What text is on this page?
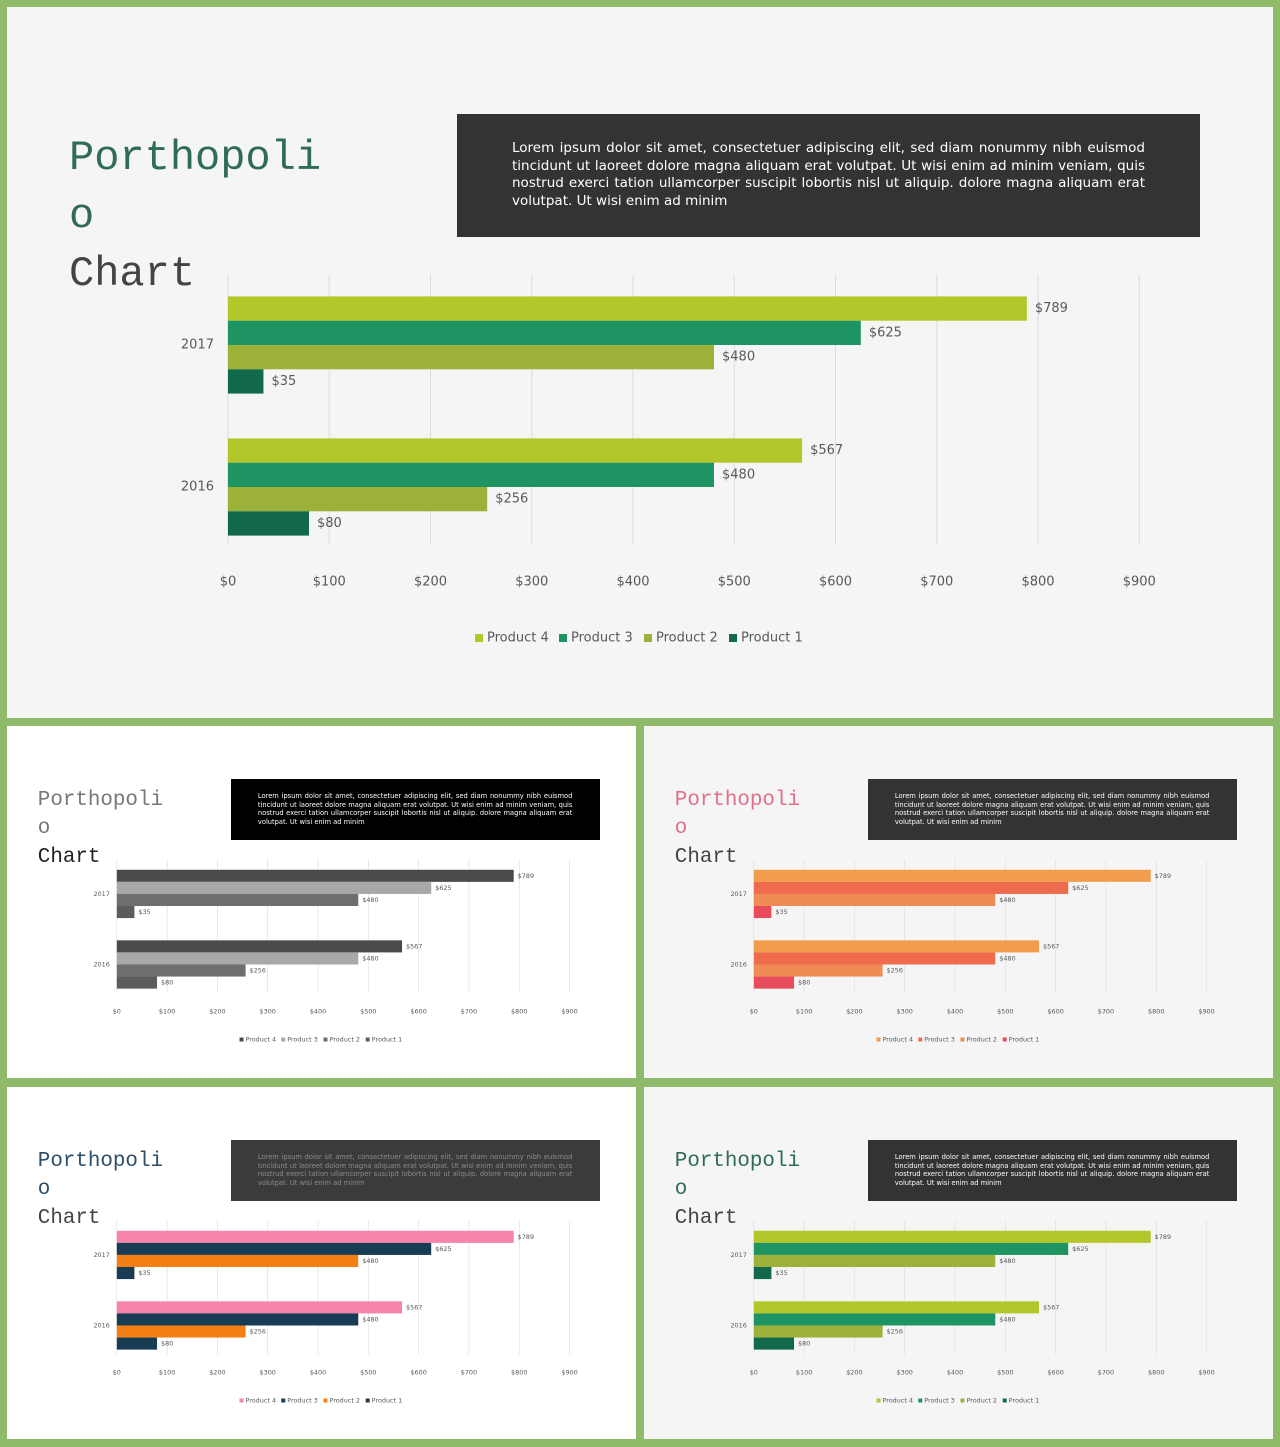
Porthopoli
o
Chart

Lorem ipsum dolor sit amet, consectetuer adipiscing elit, sed diam nonummy nibh euismod tincidunt ut laoreet dolore magna aliquam erat volutpat. Ut wisi enim ad minim veniam, quis nostrud exerci tation ullamcorper suscipit lobortis nisl ut aliquip. dolore magna aliquam erat volutpat. Ut wisi enim ad minim

$789
$625
$480
$35
2017
$567
$480
$256
$80
2016
$0	$100	$200	$300	$400	$500	$600	$700	$800	$900
Product 4 Product 3 Product 2 Product 1
Porthopoli
o
Chart

Lorem ipsum dolor sit amet, consectetuer adipiscing elit, sed diam nonummy nibh euismod tincidunt ut laoreet dolore magna aliquam erat volutpat. Ut wisi enim ad minim veniam, quis nostrud exerci tation ullamcorper suscipit lobortis nisl ut aliquip. dolore magna aliquam erat volutpat. Ut wisi enim ad minim

$789
$625
$480
$35
2017
$567
$480
$256
$80
2016
$0	$100	$200	$300	$400	$500	$600	$700	$800	$900
Product 4 Product 3 Product 2 Product 1
Porthopoli
o
Chart

Lorem ipsum dolor sit amet, consectetuer adipiscing elit, sed diam nonummy nibh euismod tincidunt ut laoreet dolore magna aliquam erat volutpat. Ut wisi enim ad minim veniam, quis nostrud exerci tation ullamcorper suscipit lobortis nisl ut aliquip. dolore magna aliquam erat volutpat. Ut wisi enim ad minim

$789
$625
$480
$35
2017
$567
$480
$256
$80
2016
$0	$100	$200	$300	$400	$500	$600	$700	$800	$900
Product 4 Product 3 Product 2 Product 1
Porthopoli
o
Chart

Lorem ipsum dolor sit amet, consectetuer adipiscing elit, sed diam nonummy nibh euismod tincidunt ut laoreet dolore magna aliquam erat volutpat. Ut wisi enim ad minim veniam, quis nostrud exerci tation ullamcorper suscipit lobortis nisl ut aliquip. dolore magna aliquam erat volutpat. Ut wisi enim ad minim

$789
$625
$480
$35
2017
$567
$480
$256
$80
2016
$0	$100	$200	$300	$400	$500	$600	$700	$800	$900
Product 4 Product 3 Product 2 Product 1
Porthopoli
o
Chart

Lorem ipsum dolor sit amet, consectetuer adipiscing elit, sed diam nonummy nibh euismod tincidunt ut laoreet dolore magna aliquam erat volutpat. Ut wisi enim ad minim veniam, quis nostrud exerci tation ullamcorper suscipit lobortis nisl ut aliquip. dolore magna aliquam erat volutpat. Ut wisi enim ad minim

$789
$625
$480
$35
2017
$567
$480
$256
$80
2016
$0	$100	$200	$300	$400	$500	$600	$700	$800	$900
Product 4 Product 3 Product 2 Product 1
